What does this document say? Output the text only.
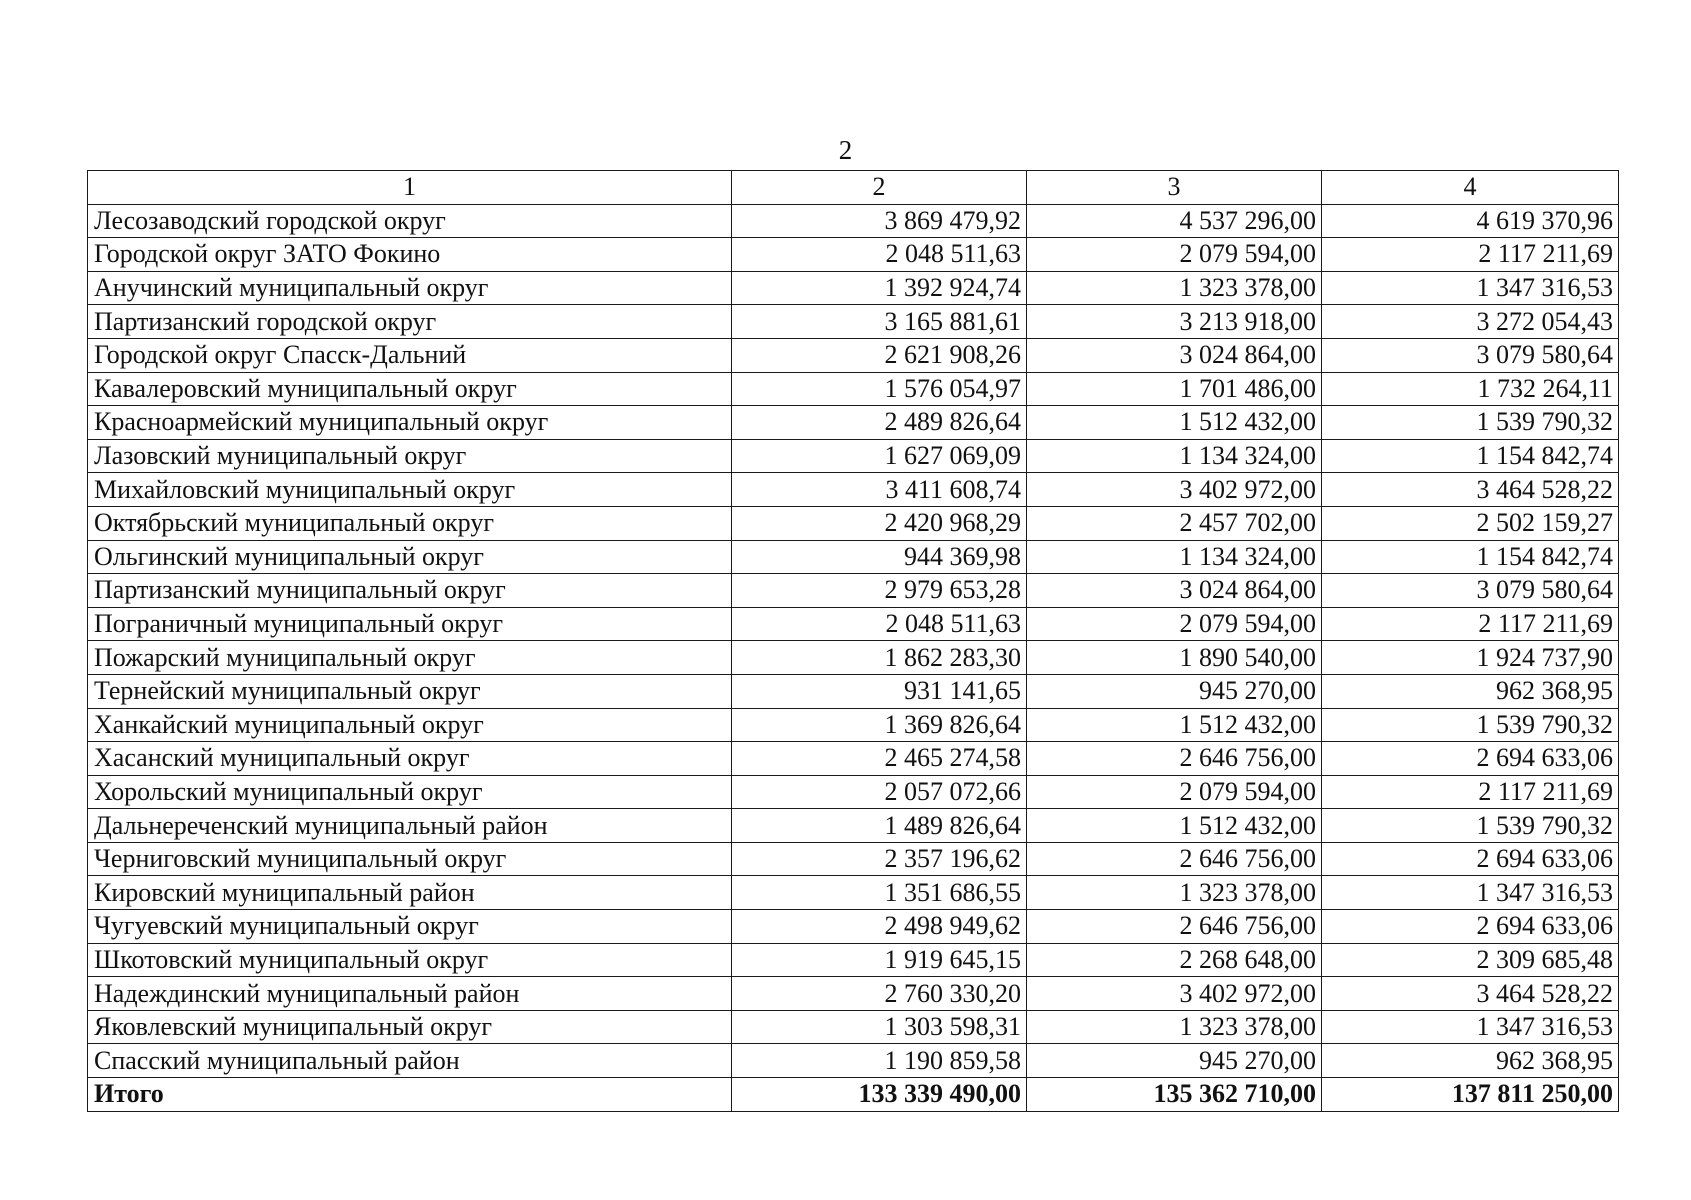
2
1	2	3	4
Лесозаводский городской округ	3 869 479,92	4 537 296,00	4 619 370,96
Городской округ ЗАТО Фокино	2 048 511,63	2 079 594,00	2 117 211,69
Анучинский муниципальный округ	1 392 924,74	1 323 378,00	1 347 316,53
Партизанский городской округ	3 165 881,61	3 213 918,00	3 272 054,43
Городской округ Спасск-Дальний	2 621 908,26	3 024 864,00	3 079 580,64
Кавалеровский муниципальный округ	1 576 054,97	1 701 486,00	1 732 264,11
Красноармейский муниципальный округ	2 489 826,64	1 512 432,00	1 539 790,32
Лазовский муниципальный округ	1 627 069,09	1 134 324,00	1 154 842,74
Михайловский муниципальный округ	3 411 608,74	3 402 972,00	3 464 528,22
Октябрьский муниципальный округ	2 420 968,29	2 457 702,00	2 502 159,27
Ольгинский муниципальный округ	944 369,98	1 134 324,00	1 154 842,74
Партизанский муниципальный округ	2 979 653,28	3 024 864,00	3 079 580,64
Пограничный муниципальный округ	2 048 511,63	2 079 594,00	2 117 211,69
Пожарский муниципальный округ	1 862 283,30	1 890 540,00	1 924 737,90
Тернейский муниципальный округ	931 141,65	945 270,00	962 368,95
Ханкайский муниципальный округ	1 369 826,64	1 512 432,00	1 539 790,32
Хасанский муниципальный округ	2 465 274,58	2 646 756,00	2 694 633,06
Хорольский муниципальный округ	2 057 072,66	2 079 594,00	2 117 211,69
Дальнереченский муниципальный район	1 489 826,64	1 512 432,00	1 539 790,32
Черниговский муниципальный округ	2 357 196,62	2 646 756,00	2 694 633,06
Кировский муниципальный район	1 351 686,55	1 323 378,00	1 347 316,53
Чугуевский муниципальный округ	2 498 949,62	2 646 756,00	2 694 633,06
Шкотовский муниципальный округ	1 919 645,15	2 268 648,00	2 309 685,48
Надеждинский муниципальный район	2 760 330,20	3 402 972,00	3 464 528,22
Яковлевский муниципальный округ	1 303 598,31	1 323 378,00	1 347 316,53
Спасский муниципальный район	1 190 859,58	945 270,00	962 368,95
Итого	133 339 490,00	135 362 710,00	137 811 250,00
